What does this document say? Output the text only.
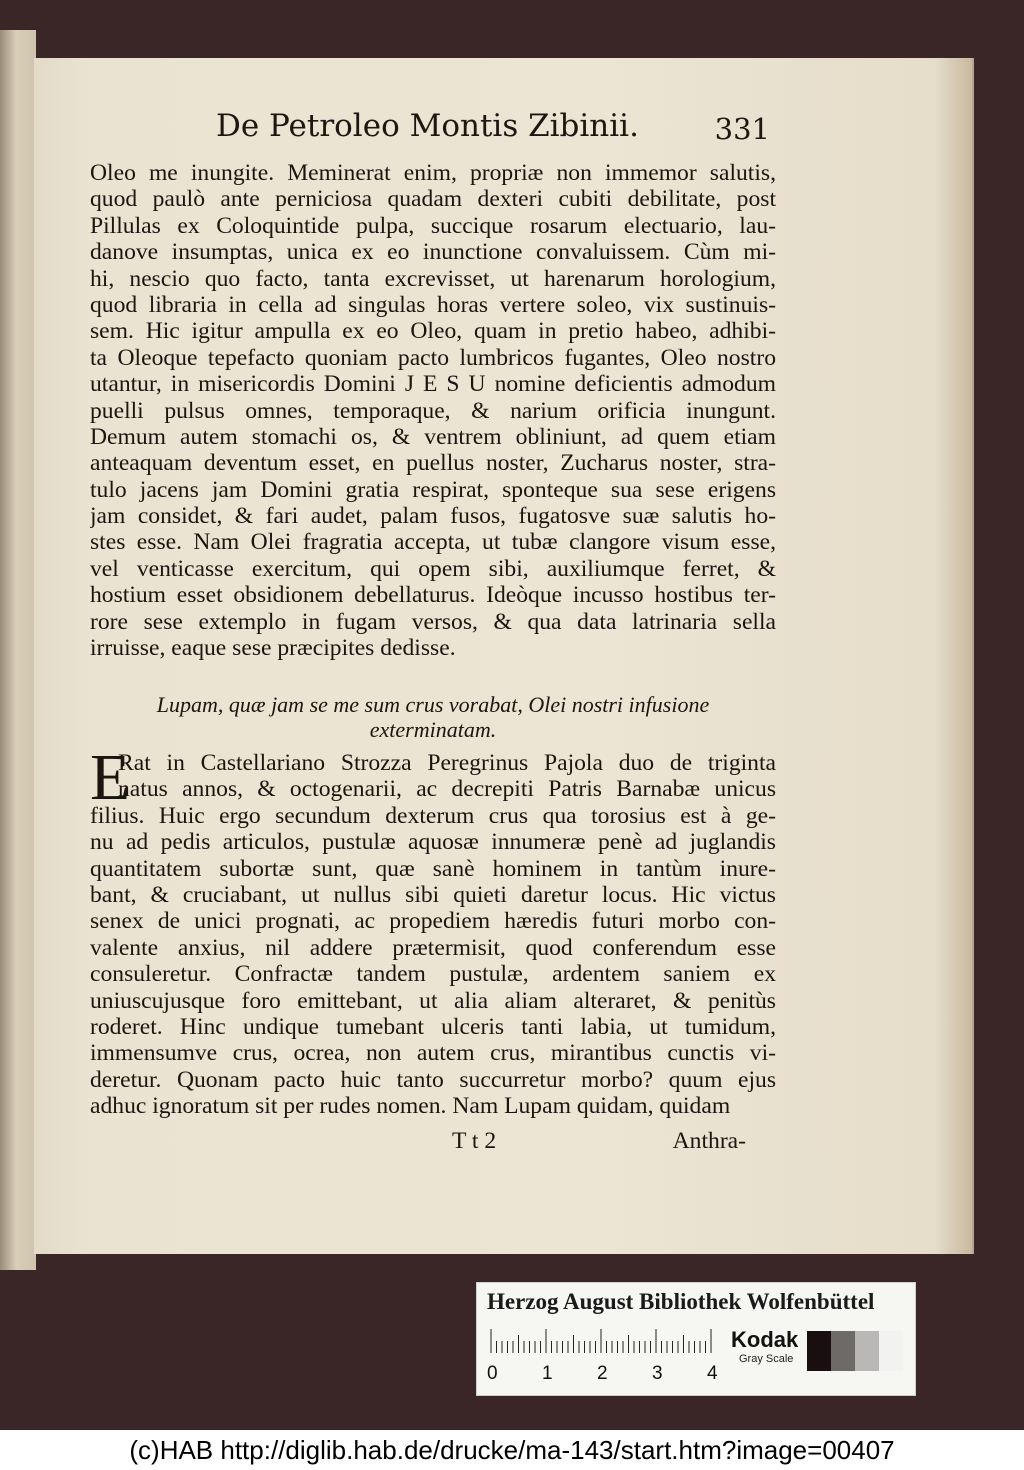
De Petroleo Montis Zibinii.	331
Oleo me inungite. Meminerat enim, propriæ non immemor salutis,
quod paulò ante perniciosa quadam dexteri cubiti debilitate, post
Pillulas ex Coloquintide pulpa, succique rosarum electuario, lau-
danove insumptas, unica ex eo inunctione convaluissem. Cùm mi-
hi, nescio quo facto, tanta excrevisset, ut harenarum horologium,
quod libraria in cella ad singulas horas vertere soleo, vix sustinuis-
sem. Hic igitur ampulla ex eo Oleo, quam in pretio habeo, adhibi-
ta Oleoque tepefacto quoniam pacto lumbricos fugantes, Oleo nostro
utantur, in misericordis Domini J E S U nomine deficientis admodum
puelli pulsus omnes, temporaque, & narium orificia inungunt.
Demum autem stomachi os, & ventrem obliniunt, ad quem etiam
anteaquam deventum esset, en puellus noster, Zucharus noster, stra-
tulo jacens jam Domini gratia respirat, sponteque sua sese erigens
jam considet, & fari audet, palam fusos, fugatosve suæ salutis ho-
stes esse. Nam Olei fragratia accepta, ut tubæ clangore visum esse,
vel venticasse exercitum, qui opem sibi, auxiliumque ferret, &
hostium esset obsidionem debellaturus. Ideòque incusso hostibus ter-
rore sese extemplo in fugam versos, & qua data latrinaria sella
irruisse, eaque sese præcipites dedisse.
Lupam, quæ jam se me sum crus vorabat, Olei nostri infusione
exterminatam.
E
Rat in Castellariano Strozza Peregrinus Pajola duo de triginta
natus annos, & octogenarii, ac decrepiti Patris Barnabæ unicus
filius. Huic ergo secundum dexterum crus qua torosius est à ge-
nu ad pedis articulos, pustulæ aquosæ innumeræ penè ad juglandis
quantitatem subortæ sunt, quæ sanè hominem in tantùm inure-
bant, & cruciabant, ut nullus sibi quieti daretur locus. Hic victus
senex de unici prognati, ac propediem hæredis futuri morbo con-
valente anxius, nil addere prætermisit, quod conferendum esse
consuleretur. Confractæ tandem pustulæ, ardentem saniem ex
uniuscujusque foro emittebant, ut alia aliam alteraret, & penitùs
roderet. Hinc undique tumebant ulceris tanti labia, ut tumidum,
immensumve crus, ocrea, non autem crus, mirantibus cunctis vi-
deretur. Quonam pacto huic tanto succurretur morbo? quum ejus
adhuc ignoratum sit per rudes nomen. Nam Lupam quidam, quidam
T t 2	Anthra-
Herzog August Bibliothek Wolfenbüttel
0 1 2 3 4
Kodak
Gray Scale
(c)HAB http://diglib.hab.de/drucke/ma-143/start.htm?image=00407
